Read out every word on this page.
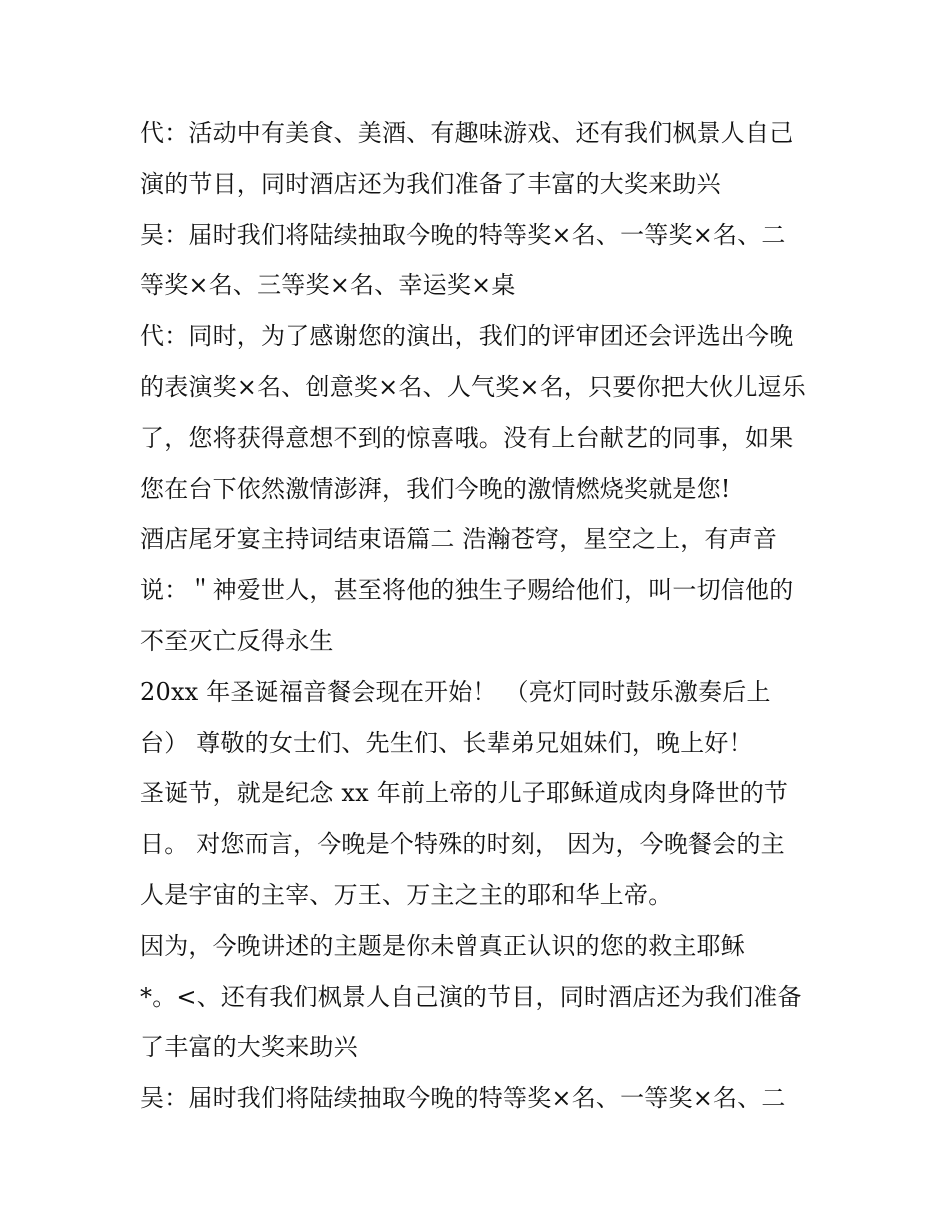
代：活动中有美食、美酒、有趣味游戏、还有我们枫景人自己
演的节目，同时酒店还为我们准备了丰富的大奖来助兴
吴：届时我们将陆续抽取今晚的特等奖×名、一等奖×名、二
等奖×名、三等奖×名、幸运奖×桌
代：同时，为了感谢您的演出，我们的评审团还会评选出今晚
的表演奖×名、创意奖×名、人气奖×名，只要你把大伙儿逗乐
了，您将获得意想不到的惊喜哦。没有上台献艺的同事，如果
您在台下依然激情澎湃，我们今晚的激情燃烧奖就是您!
酒店尾牙宴主持词结束语篇二 浩瀚苍穹，星空之上，有声音
说：＂神爱世人，甚至将他的独生子赐给他们，叫一切信他的
不至灭亡反得永生
20xx 年圣诞福音餐会现在开始！ （亮灯同时鼓乐激奏后上
台） 尊敬的女士们、先生们、长辈弟兄姐妹们，晚上好！
圣诞节，就是纪念 xx 年前上帝的儿子耶稣道成肉身降世的节
日。 对您而言，今晚是个特殊的时刻， 因为，今晚餐会的主
人是宇宙的主宰、万王、万主之主的耶和华上帝。
因为，今晚讲述的主题是你未曾真正认识的您的救主耶稣
*。<、还有我们枫景人自己演的节目，同时酒店还为我们准备
了丰富的大奖来助兴
吴：届时我们将陆续抽取今晚的特等奖×名、一等奖×名、二
